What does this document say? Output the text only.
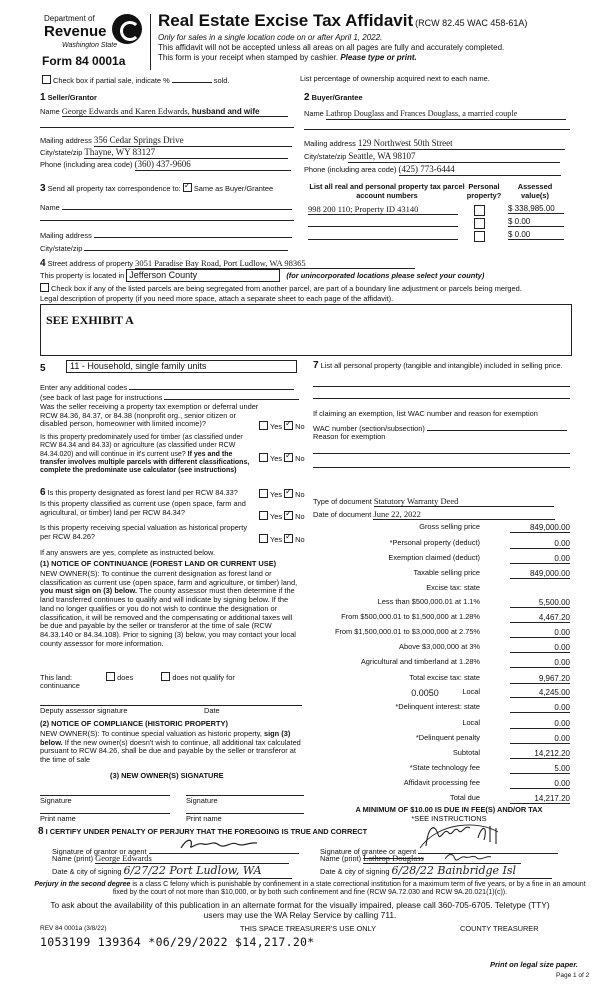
Department of
Revenue
Washington State
Form 84 0001a
Real Estate Excise Tax Affidavit (RCW 82.45 WAC 458-61A)
Only for sales in a single location code on or after April 1, 2022.
This affidavit will not be accepted unless all areas on all pages are fully and accurately completed.
This form is your receipt when stamped by cashier. Please type or print.
Check box if partial sale, indicate %	sold.	List percentage of ownership acquired next to each name.
1 Seller/Grantor
Name George Edwards and Karen Edwards, husband and wife
Mailing address 356 Cedar Springs Drive
City/state/zip Thayne, WY 83127
Phone (including area code) (360) 437-9606
2 Buyer/Grantee
Name Lathrop Douglass and Frances Douglass, a married couple
Mailing address 129 Northwest 50th Street
City/state/zip Seattle, WA 98107
Phone (including area code) (425) 773-6444
3 Send all property tax correspondence to: ✓ Same as Buyer/Grantee
Name
Mailing address
City/state/zip
List all real and personal property tax parcel account numbers
Personal property?
Assessed value(s)
998 200 110; Property ID 43140	$ 338,985.00
$ 0.00
$ 0.00
4 Street address of property 3051 Paradise Bay Road, Port Ludlow, WA 98365
This property is located in Jefferson County	(for unincorporated locations please select your county)
Check box if any of the listed parcels are being segregated from another parcel, are part of a boundary line adjustment or parcels being merged.
Legal description of property (if you need more space, attach a separate sheet to each page of the affidavit).
SEE EXHIBIT A
5	11 - Household, single family units
Enter any additional codes
(see back of last page for instructions
Was the seller receiving a property tax exemption or deferral under RCW 84.36, 84.37, or 84.38 (nonprofit org., senior citizen or disabled person, homeowner with limited income)?	Yes ✓ No
Is this property predominately used for timber (as classified under RCW 84.34 and 84.33) or agriculture (as classified under RCW 84.34.020) and will continue in it's current use? If yes and the transfer involves multiple parcels with different classifications, complete the predominate use calculator (see instructions)
Yes ✓ No
7 List all personal property (tangible and intangible) included in selling price.
If claiming an exemption, list WAC number and reason for exemption
WAC number (section/subsection)
Reason for exemption
6 Is this property designated as forest land per RCW 84.33?	Yes ✓ No
Is this property classified as current use (open space, farm and agricultural, or timber) land per RCW 84.34?	Yes ✓ No
Is this property receiving special valuation as historical property per RCW 84.26?	Yes ✓ No
If any answers are yes, complete as instructed below.
(1) NOTICE OF CONTINUANCE (FOREST LAND OR CURRENT USE)
NEW OWNER(S): To continue the current designation as forest land or classification as current use (open space, farm and agriculture, or timber) land, you must sign on (3) below. The county assessor must then determine if the land transferred continues to qualify and will indicate by signing below. If the land no longer qualifies or you do not wish to continue the designation or classification, it will be removed and the compensating or additional taxes will be due and payable by the seller or transferor at the time of sale (RCW 84.33.140 or 84.34.108). Prior to signing (3) below, you may contact your local county assessor for more information.
This land:	does	does not qualify for
continuance
Deputy assessor signature	Date
(2) NOTICE OF COMPLIANCE (HISTORIC PROPERTY)
NEW OWNER(S): To continue special valuation as historic property, sign (3) below. If the new owner(s) doesn't wish to continue, all additional tax calculated pursuant to RCW 84.26, shall be due and payable by the seller or transferor at the time of sale
(3) NEW OWNER(S) SIGNATURE
Signature	Signature
Print name	Print name
Type of document Statutory Warranty Deed
Date of document June 22, 2022
Gross selling price	849,000.00
*Personal property (deduct)	0.00
Exemption claimed (deduct)	0.00
Taxable selling price	849,000.00
Excise tax: state
Less than $500,000.01 at 1.1%	5,500.00
From $500,000.01 to $1,500,000 at 1.28%	4,467.20
From $1,500,000.01 to $3,000,000 at 2.75%	0.00
Above $3,000,000 at 3%	0.00
Agricultural and timberland at 1.28%	0.00
Total excise tax: state	9,967.20
0.0050	Local	4,245.00
*Delinquent interest: state	0.00
Local	0.00
*Delinquent penalty	0.00
Subtotal	14,212.20
*State technology fee	5.00
Affidavit processing fee	0.00
Total due	14,217.20
A MINIMUM OF $10.00 IS DUE IN FEE(S) AND/OR TAX
*SEE INSTRUCTIONS
8 I CERTIFY UNDER PENALTY OF PERJURY THAT THE FOREGOING IS TRUE AND CORRECT
Signature of grantor or agent
Name (print) George Edwards
Date & city of signing 6/27/22 Port Ludlow, WA
Signature of grantee or agent
Name (print) Lathrop Douglass
Date & city of signing 6/28/22 Bainbridge Isl
Perjury in the second degree is a class C felony which is punishable by confinement in a state correctional institution for a maximum term of five years, or by a fine in an amount fixed by the court of not more than $10,000, or by both such confinement and fine (RCW 9A.72.030 and RCW 9A.20.021(1)(c)).
To ask about the availability of this publication in an alternate format for the visually impaired, please call 360-705-6705. Teletype (TTY) users may use the WA Relay Service by calling 711.
REV 84 0001a (3/8/22)	THIS SPACE TREASURER'S USE ONLY	COUNTY TREASURER
1053199 139364 *06/29/2022 $14,217.20*
Print on legal size paper.
Page 1 of 2
